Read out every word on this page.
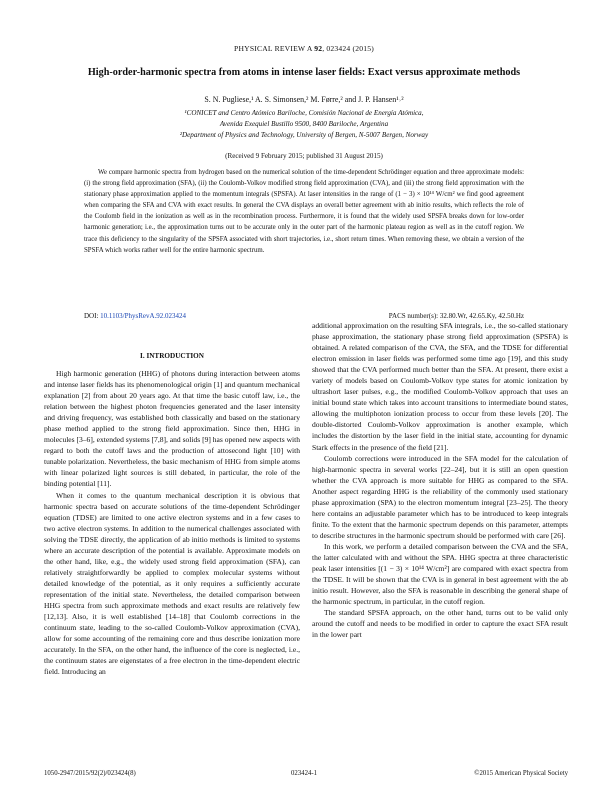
PHYSICAL REVIEW A 92, 023424 (2015)
High-order-harmonic spectra from atoms in intense laser fields: Exact versus approximate methods
S. N. Pugliese,¹ A. S. Simonsen,² M. Førre,² and J. P. Hansen¹˒²
¹CONICET and Centro Atómico Bariloche, Comisión Nacional de Energía Atómica,
Avenida Exequiel Bustillo 9500, 8400 Bariloche, Argentina
²Department of Physics and Technology, University of Bergen, N-5007 Bergen, Norway
(Received 9 February 2015; published 31 August 2015)

We compare harmonic spectra from hydrogen based on the numerical solution of the time-dependent Schrödinger equation and three approximate models: (i) the strong field approximation (SFA), (ii) the Coulomb-Volkov modified strong field approximation (CVA), and (iii) the strong field approximation with the stationary phase approximation applied to the momentum integrals (SPSFA). At laser intensities in the range of (1 − 3) × 10¹⁴ W/cm² we find good agreement when comparing the SFA and CVA with exact results. In general the CVA displays an overall better agreement with ab initio results, which reflects the role of the Coulomb field in the ionization as well as in the recombination process. Furthermore, it is found that the widely used SPSFA breaks down for low-order harmonic generation; i.e., the approximation turns out to be accurate only in the outer part of the harmonic plateau region as well as in the cutoff region. We trace this deficiency to the singularity of the SPSFA associated with short trajectories, i.e., short return times. When removing these, we obtain a version of the SPSFA which works rather well for the entire harmonic spectrum.

DOI: 10.1103/PhysRevA.92.023424	PACS number(s): 32.80.Wr, 42.65.Ky, 42.50.Hz
I. INTRODUCTION

High harmonic generation (HHG) of photons during interaction between atoms and intense laser fields has its phenomenological origin [1] and quantum mechanical explanation [2] from about 20 years ago. At that time the basic cutoff law, i.e., the relation between the highest photon frequencies generated and the laser intensity and driving frequency, was established both classically and based on the stationary phase method applied to the strong field approximation. Since then, HHG in molecules [3–6], extended systems [7,8], and solids [9] has opened new aspects with regard to both the cutoff laws and the production of attosecond light [10] with tunable polarization. Nevertheless, the basic mechanism of HHG from simple atoms with linear polarized light sources is still debated, in particular, the role of the binding potential [11].

When it comes to the quantum mechanical description it is obvious that harmonic spectra based on accurate solutions of the time-dependent Schrödinger equation (TDSE) are limited to one active electron systems and in a few cases to two active electron systems. In addition to the numerical challenges associated with solving the TDSE directly, the application of ab initio methods is limited to systems where an accurate description of the potential is available. Approximate models on the other hand, like, e.g., the widely used strong field approximation (SFA), can relatively straightforwardly be applied to complex molecular systems without detailed knowledge of the potential, as it only requires a sufficiently accurate representation of the initial state. Nevertheless, the detailed comparison between HHG spectra from such approximate methods and exact results are relatively few [12,13]. Also, it is well established [14–18] that Coulomb corrections in the continuum state, leading to the so-called Coulomb-Volkov approximation (CVA), allow for some accounting of the remaining core and thus describe ionization more accurately. In the SFA, on the other hand, the influence of the core is neglected, i.e., the continuum states are eigenstates of a free electron in the time-dependent electric field. Introducing an

additional approximation on the resulting SFA integrals, i.e., the so-called stationary phase approximation, the stationary phase strong field approximation (SPSFA) is obtained. A related comparison of the CVA, the SFA, and the TDSE for differential electron emission in laser fields was performed some time ago [19], and this study showed that the CVA performed much better than the SFA. At present, there exist a variety of models based on Coulomb-Volkov type states for atomic ionization by ultrashort laser pulses, e.g., the modified Coulomb-Volkov approach that uses an initial bound state which takes into account transitions to intermediate bound states, allowing the multiphoton ionization process to occur from these levels [20]. The double-distorted Coulomb-Volkov approximation is another example, which includes the distortion by the laser field in the initial state, accounting for dynamic Stark effects in the presence of the field [21].

Coulomb corrections were introduced in the SFA model for the calculation of high-harmonic spectra in several works [22–24], but it is still an open question whether the CVA approach is more suitable for HHG as compared to the SFA. Another aspect regarding HHG is the reliability of the commonly used stationary phase approximation (SPA) to the electron momentum integral [23–25]. The theory here contains an adjustable parameter which has to be introduced to keep integrals finite. To the extent that the harmonic spectrum depends on this parameter, attempts to describe structures in the harmonic spectrum should be performed with care [26].

In this work, we perform a detailed comparison between the CVA and the SFA, the latter calculated with and without the SPA. HHG spectra at three characteristic peak laser intensities [(1 − 3) × 10¹⁴ W/cm²] are compared with exact spectra from the TDSE. It will be shown that the CVA is in general in best agreement with the ab initio result. However, also the SFA is reasonable in describing the general shape of the harmonic spectrum, in particular, in the cutoff region.

The standard SPSFA approach, on the other hand, turns out to be valid only around the cutoff and needs to be modified in order to capture the exact SFA result in the lower part

1050-2947/2015/92(2)/023424(8)	023424-1	©2015 American Physical Society
